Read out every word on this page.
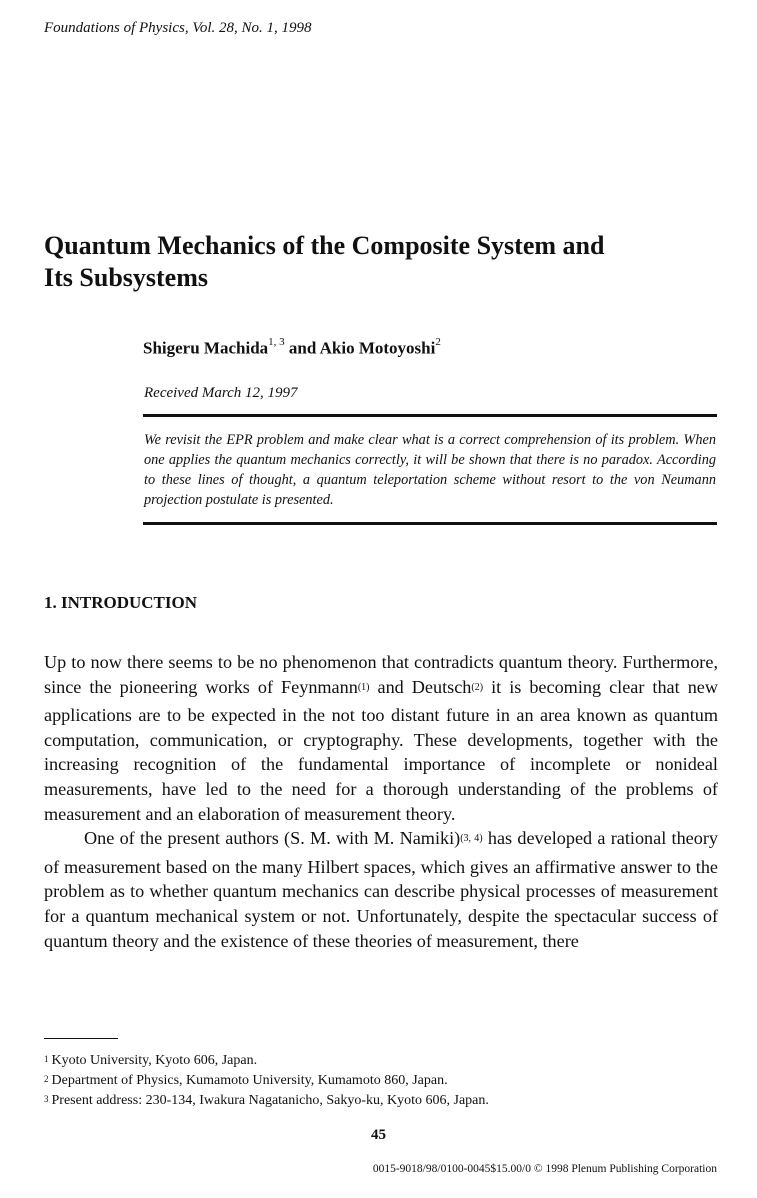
Foundations of Physics, Vol. 28, No. 1, 1998
Quantum Mechanics of the Composite System and
Its Subsystems
Shigeru Machida$^{1, 3}$ and Akio Motoyoshi$^2$
Received March 12, 1997
We revisit the EPR problem and make clear what is a correct comprehension of its problem. When one applies the quantum mechanics correctly, it will be shown that there is no paradox. According to these lines of thought, a quantum teleportation scheme without resort to the von Neumann projection postulate is presented.
1. INTRODUCTION

Up to now there seems to be no phenomenon that contradicts quantum theory. Furthermore, since the pioneering works of Feynmann$^{(1)}$ and Deutsch$^{(2)}$ it is becoming clear that new applications are to be expected in the not too distant future in an area known as quantum computation, communication, or cryptography. These developments, together with the increasing recognition of the fundamental importance of incomplete or nonideal measurements, have led to the need for a thorough understanding of the problems of measurement and an elaboration of measurement theory.

One of the present authors (S. M. with M. Namiki)$^{(3, 4)}$ has developed a rational theory of measurement based on the many Hilbert spaces, which gives an affirmative answer to the problem as to whether quantum mechanics can describe physical processes of measurement for a quantum mechanical system or not. Unfortunately, despite the spectacular success of quantum theory and the existence of these theories of measurement, there

$^1$ Kyoto University, Kyoto 606, Japan.
$^2$ Department of Physics, Kumamoto University, Kumamoto 860, Japan.
$^3$ Present address: 230-134, Iwakura Nagatanicho, Sakyo-ku, Kyoto 606, Japan.
45
0015-9018/98/0100-0045$15.00/0 © 1998 Plenum Publishing Corporation
